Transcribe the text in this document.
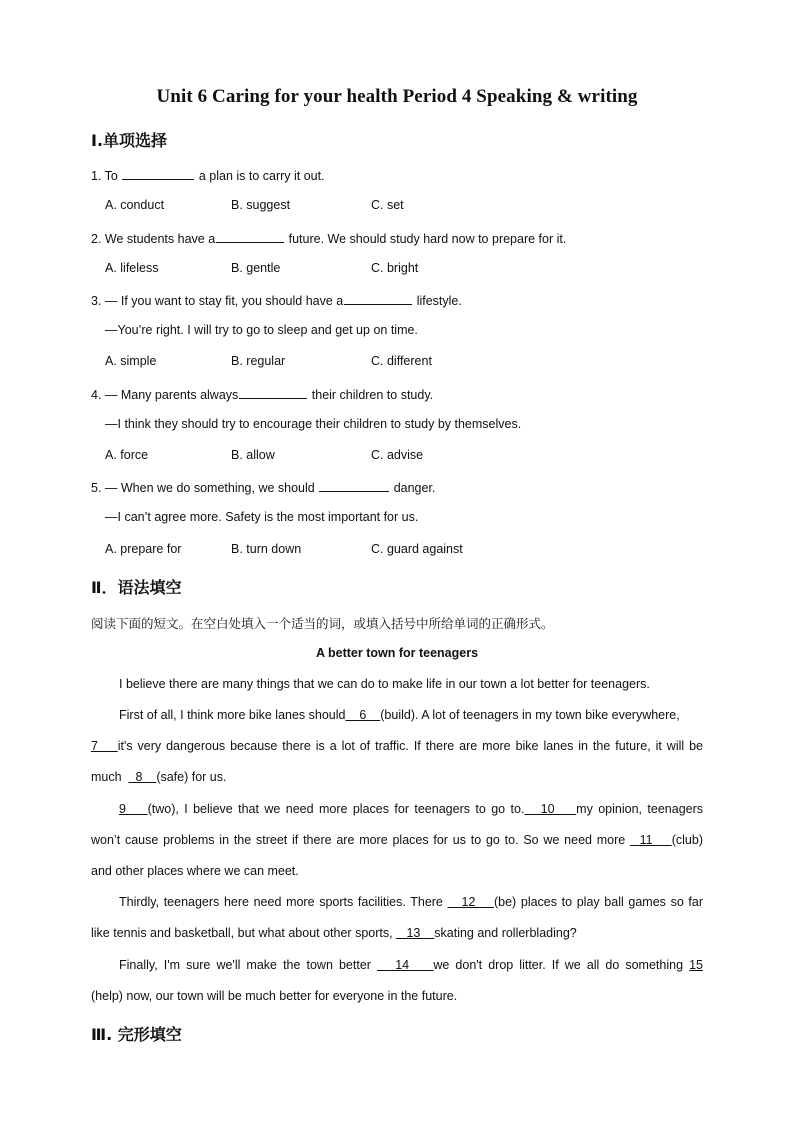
Unit 6 Caring for your health Period 4 Speaking & writing
Ⅰ.单项选择
1. To	a plan is to carry it out.
A. conduct	B. suggest	C. set
2. We students have a	future. We should study hard now to prepare for it.
A. lifeless	B. gentle	C. bright
3. — If you want to stay fit, you should have a	lifestyle.
—You’re right. I will try to go to sleep and get up on time.
A. simple	B. regular	C. different
4. — Many parents always	their children to study.
—I think they should try to encourage their children to study by themselves.
A. force	B. allow	C. advise
5. — When we do something, we should	danger.
—I can’t agree more. Safety is the most important for us.
A. prepare for	B. turn down	C. guard against
Ⅱ．语法填空
阅读下面的短文。在空白处填入一个适当的词，或填入括号中所给单词的正确形式。
A better town for teenagers
I believe there are many things that we can do to make life in our town a lot better for teenagers.
First of all, I think more bike lanes should    6    (build). A lot of teenagers in my town bike everywhere,
7    it's very dangerous because there is a lot of traffic. If there are more bike lanes in the future, it will be
much    8    (safe) for us.
9    (two), I believe that we need more places for teenagers to go to.   10    my opinion, teenagers
won’t cause problems in the street if there are more places for us to go to. So we need more   11    (club)
and other places where we can meet.
Thirdly, teenagers here need more sports facilities. There    12    (be) places to play ball games so far
like tennis and basketball, but what about other sports,    13    skating and rollerblading?
Finally, I'm sure we'll make the town better    14    we don't drop litter. If we all do something 15
(help) now, our town will be much better for everyone in the future.
Ⅲ. 完形填空
